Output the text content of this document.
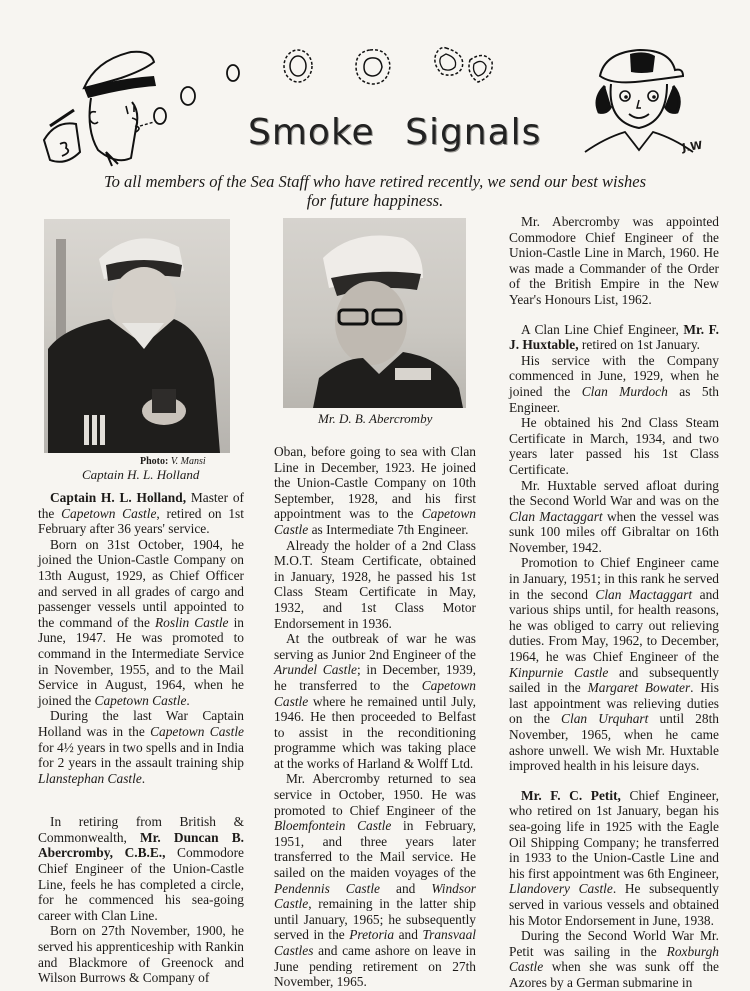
J.W
Smoke Signals
To all members of the Sea Staff who have retired recently, we send our best wishes for future happiness.
Photo: V. Mansi
Captain H. L. Holland
Mr. D. B. Abercromby

Captain H. L. Holland, Master of the Capetown Castle, retired on 1st February after 36 years' service.

Born on 31st October, 1904, he joined the Union-Castle Company on 13th August, 1929, as Chief Officer and served in all grades of cargo and passenger vessels until appointed to the command of the Roslin Castle in June, 1947. He was promoted to command in the Intermediate Service in November, 1955, and to the Mail Service in August, 1964, when he joined the Capetown Castle.

During the last War Captain Holland was in the Capetown Castle for 4½ years in two spells and in India for 2 years in the assault training ship Llanstephan Castle.

In retiring from British & Commonwealth, Mr. Duncan B. Abercromby, C.B.E., Commodore Chief Engineer of the Union-Castle Line, feels he has completed a circle, for he commenced his sea-going career with Clan Line.

Born on 27th November, 1900, he served his apprenticeship with Rankin and Blackmore of Greenock and Wilson Burrows & Company of

Oban, before going to sea with Clan Line in December, 1923. He joined the Union-Castle Company on 10th September, 1928, and his first appointment was to the Capetown Castle as Intermediate 7th Engineer.

Already the holder of a 2nd Class M.O.T. Steam Certificate, obtained in January, 1928, he passed his 1st Class Steam Certificate in May, 1932, and 1st Class Motor Endorsement in 1936.

At the outbreak of war he was serving as Junior 2nd Engineer of the Arundel Castle; in December, 1939, he transferred to the Capetown Castle where he remained until July, 1946. He then proceeded to Belfast to assist in the reconditioning programme which was taking place at the works of Harland & Wolff Ltd.

Mr. Abercromby returned to sea service in October, 1950. He was promoted to Chief Engineer of the Bloemfontein Castle in February, 1951, and three years later transferred to the Mail service. He sailed on the maiden voyages of the Pendennis Castle and Windsor Castle, remaining in the latter ship until January, 1965; he subsequently served in the Pretoria and Transvaal Castles and came ashore on leave in June pending retirement on 27th November, 1965.

Mr. Abercromby was appointed Commodore Chief Engineer of the Union-Castle Line in March, 1960. He was made a Commander of the Order of the British Empire in the New Year's Honours List, 1962.

A Clan Line Chief Engineer, Mr. F. J. Huxtable, retired on 1st January.

His service with the Company commenced in June, 1929, when he joined the Clan Murdoch as 5th Engineer.

He obtained his 2nd Class Steam Certificate in March, 1934, and two years later passed his 1st Class Certificate.

Mr. Huxtable served afloat during the Second World War and was on the Clan Mactaggart when the vessel was sunk 100 miles off Gibraltar on 16th November, 1942.

Promotion to Chief Engineer came in January, 1951; in this rank he served in the second Clan Mactaggart and various ships until, for health reasons, he was obliged to carry out relieving duties. From May, 1962, to December, 1964, he was Chief Engineer of the Kinpurnie Castle and subsequently sailed in the Margaret Bowater. His last appointment was relieving duties on the Clan Urquhart until 28th November, 1965, when he came ashore unwell. We wish Mr. Huxtable improved health in his leisure days.

Mr. F. C. Petit, Chief Engineer, who retired on 1st January, began his sea-going life in 1925 with the Eagle Oil Shipping Company; he transferred in 1933 to the Union-Castle Line and his first appointment was 6th Engineer, Llandovery Castle. He subsequently served in various vessels and obtained his Motor Endorsement in June, 1938.

During the Second World War Mr. Petit was sailing in the Roxburgh Castle when she was sunk off the Azores by a German submarine in
